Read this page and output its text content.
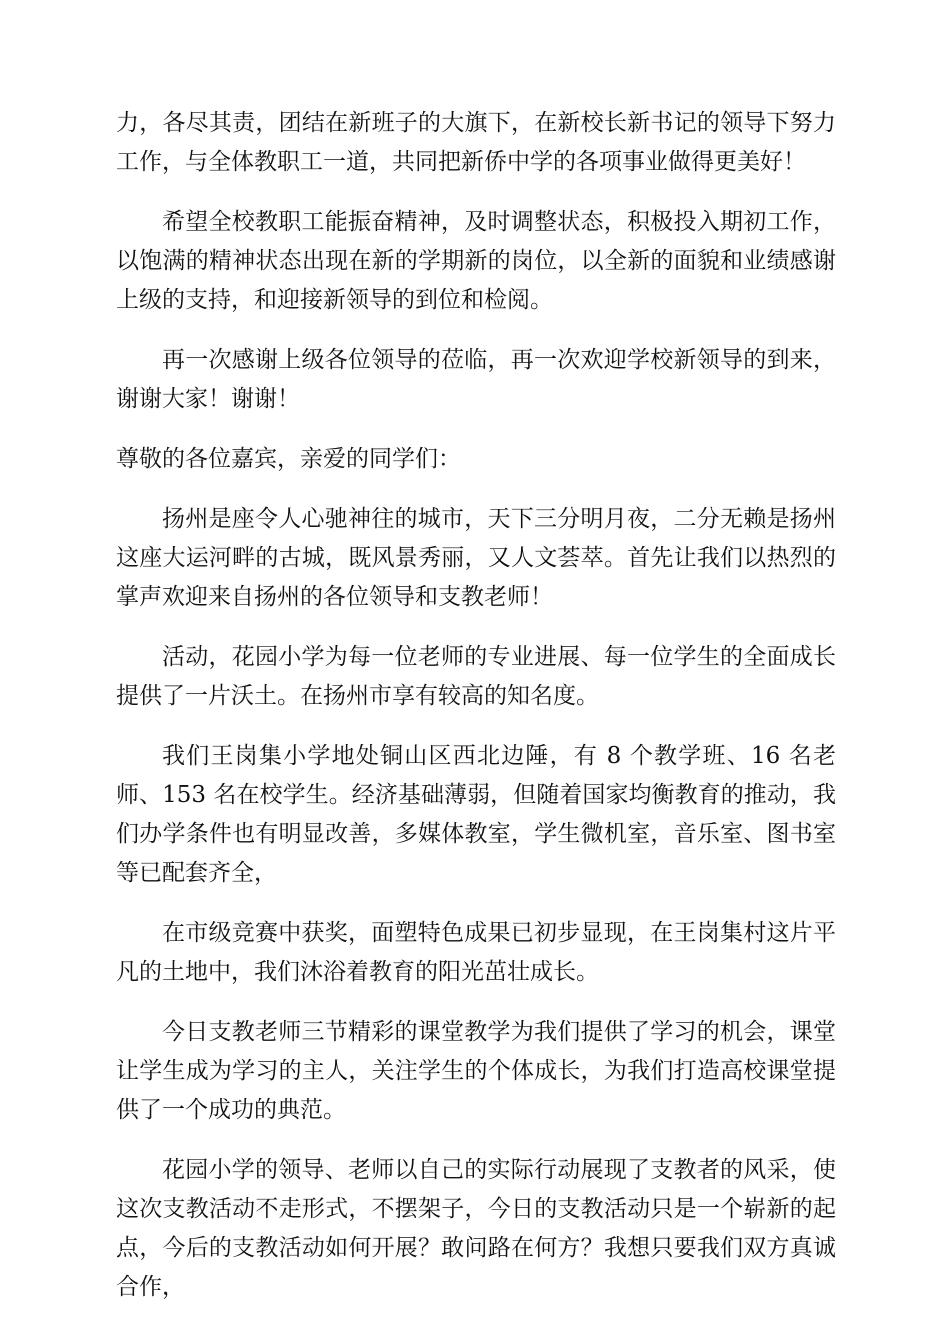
力，各尽其责，团结在新班子的大旗下，在新校长新书记的领导下努力工作，与全体教职工一道，共同把新侨中学的各项事业做得更美好！

希望全校教职工能振奋精神，及时调整状态，积极投入期初工作，以饱满的精神状态出现在新的学期新的岗位，以全新的面貌和业绩感谢上级的支持，和迎接新领导的到位和检阅。

再一次感谢上级各位领导的莅临，再一次欢迎学校新领导的到来，谢谢大家！谢谢！

尊敬的各位嘉宾，亲爱的同学们：

扬州是座令人心驰神往的城市，天下三分明月夜，二分无赖是扬州这座大运河畔的古城，既风景秀丽，又人文荟萃。首先让我们以热烈的掌声欢迎来自扬州的各位领导和支教老师！

活动，花园小学为每一位老师的专业进展、每一位学生的全面成长提供了一片沃土。在扬州市享有较高的知名度。

我们王岗集小学地处铜山区西北边陲，有 8 个教学班、16 名老师、153 名在校学生。经济基础薄弱，但随着国家均衡教育的推动，我们办学条件也有明显改善，多媒体教室，学生微机室，音乐室、图书室等已配套齐全，

在市级竞赛中获奖，面塑特色成果已初步显现，在王岗集村这片平凡的土地中，我们沐浴着教育的阳光茁壮成长。

今日支教老师三节精彩的课堂教学为我们提供了学习的机会，课堂让学生成为学习的主人，关注学生的个体成长，为我们打造高校课堂提供了一个成功的典范。

花园小学的领导、老师以自己的实际行动展现了支教者的风采，使这次支教活动不走形式，不摆架子，今日的支教活动只是一个崭新的起点，今后的支教活动如何开展？敢问路在何方？我想只要我们双方真诚合作，
